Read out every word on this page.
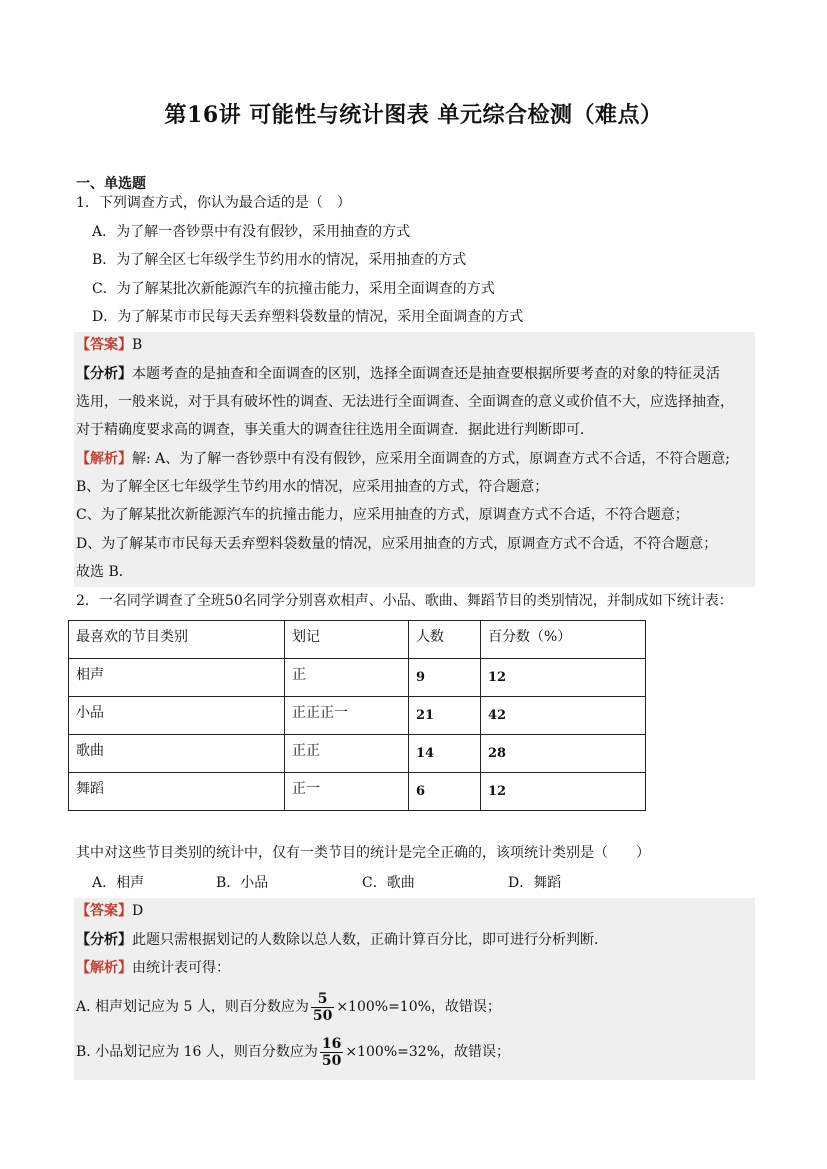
第16讲 可能性与统计图表 单元综合检测（难点）
一、单选题
1．下列调查方式，你认为最合适的是（　）
A．为了解一沓钞票中有没有假钞，采用抽查的方式
B．为了解全区七年级学生节约用水的情况，采用抽查的方式
C．为了解某批次新能源汽车的抗撞击能力，采用全面调查的方式
D．为了解某市市民每天丢弃塑料袋数量的情况，采用全面调查的方式
【答案】B
【分析】本题考查的是抽查和全面调查的区别，选择全面调查还是抽查要根据所要考查的对象的特征灵活
选用，一般来说，对于具有破坏性的调查、无法进行全面调查、全面调查的意义或价值不大，应选择抽查，
对于精确度要求高的调查，事关重大的调查往往选用全面调查．据此进行判断即可．
【解析】解: A、为了解一沓钞票中有没有假钞，应采用全面调查的方式，原调查方式不合适，不符合题意;
B、为了解全区七年级学生节约用水的情况，应采用抽查的方式，符合题意；
C、为了解某批次新能源汽车的抗撞击能力，应采用抽查的方式，原调查方式不合适，不符合题意；
D、为了解某市市民每天丢弃塑料袋数量的情况，应采用抽查的方式，原调查方式不合适，不符合题意；
故选 B．
2．一名同学调查了全班50名同学分别喜欢相声、小品、歌曲、舞蹈节目的类别情况，并制成如下统计表：
最喜欢的节目类别	划记	人数	百分数（%）
相声	正	9	12
小品	正正正一	21	42
歌曲	正正	14	28
舞蹈	正一	6	12
其中对这些节目类别的统计中，仅有一类节目的统计是完全正确的，该项统计类别是（　　）
A．相声	B．小品	C．歌曲	D．舞蹈
【答案】D
【分析】此题只需根据划记的人数除以总人数，正确计算百分比，即可进行分析判断．
【解析】由统计表可得：
A. 相声划记应为 5 人，则百分数应为 $\frac{5}{50} \times 100\%=10\%$，故错误；
B. 小品划记应为 16 人，则百分数应为 $\frac{16}{50} \times 100\%=32\%$，故错误；
